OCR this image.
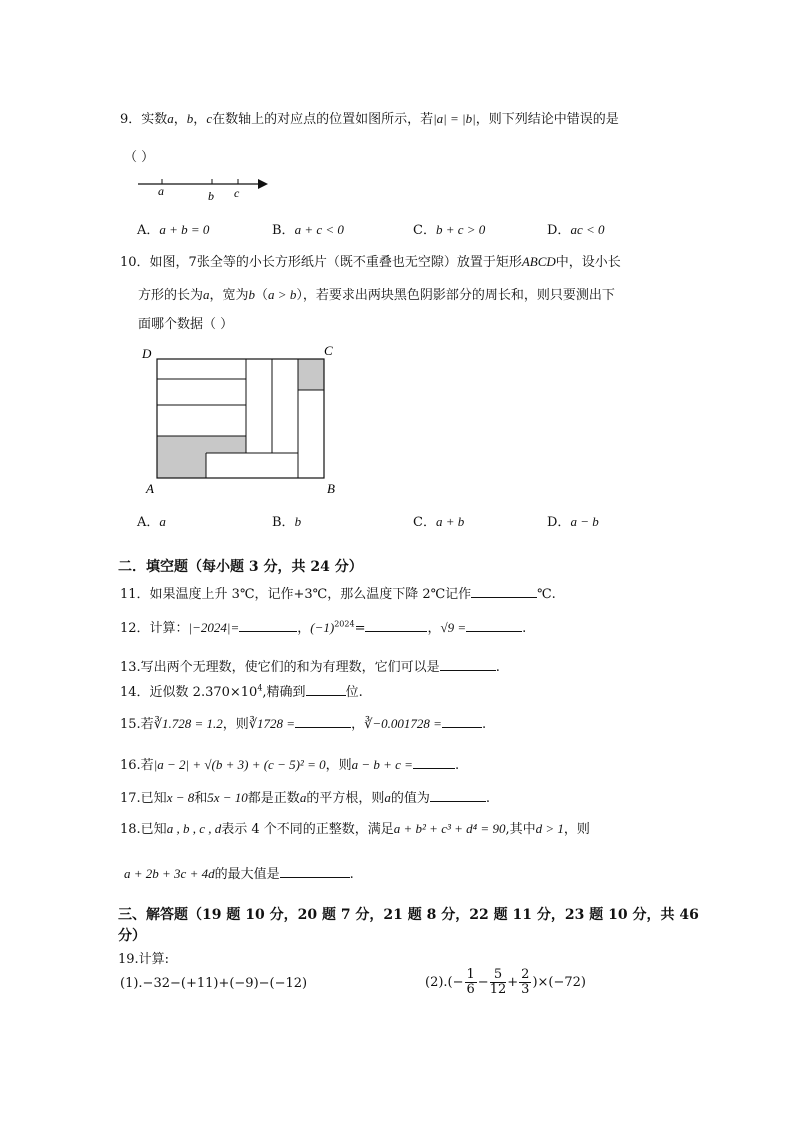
9．实数a，b，c在数轴上的对应点的位置如图所示，若|a| = |b|，则下列结论中错误的是
（ ）
a	b c
A．a + b = 0	B．a + c < 0	C．b + c > 0	D．ac < 0
10．如图，7张全等的小长方形纸片（既不重叠也无空隙）放置于矩形ABCD中，设小长
方形的长为a，宽为b（a > b），若要求出两块黑色阴影部分的周长和，则只要测出下
面哪个数据（ ）
D	C
A	B
A．a	B．b	C．a + b	D．a − b
二．填空题（每小题 3 分，共 24 分）
11．如果温度上升 3℃，记作+3℃，那么温度下降 2℃记作	℃.
12．计算：|−2024|=	，$(-1)^{2024}=$	，√9 =	.
13.写出两个无理数，使它们的和为有理数，它们可以是	.
14．近似数 $2.370\times 10^4$,精确到	位.
15.若∛1.728 = 1.2，则∛1728 =	，∛−0.001728 =	.
16.若|a − 2| + √(b + 3) + (c − 5)² = 0，则a − b + c =	.
17.已知x − 8和5x − 10都是正数a的平方根，则a的值为	.
18.已知a , b , c , d表示 4 个不同的正整数，满足a + b² + c³ + d⁴ = 90,其中d > 1，则
a + 2b + 3c + 4d的最大值是	.
三、解答题（19 题 10 分，20 题 7 分，21 题 8 分，22 题 11 分，23 题 10 分，共 46
分）
19.计算:
(1).−32−(+11)+(−9)−(−12)	$(2).(- \frac{1}{6} - \frac{5}{12} + \frac{2}{3} )\times(-72)$
